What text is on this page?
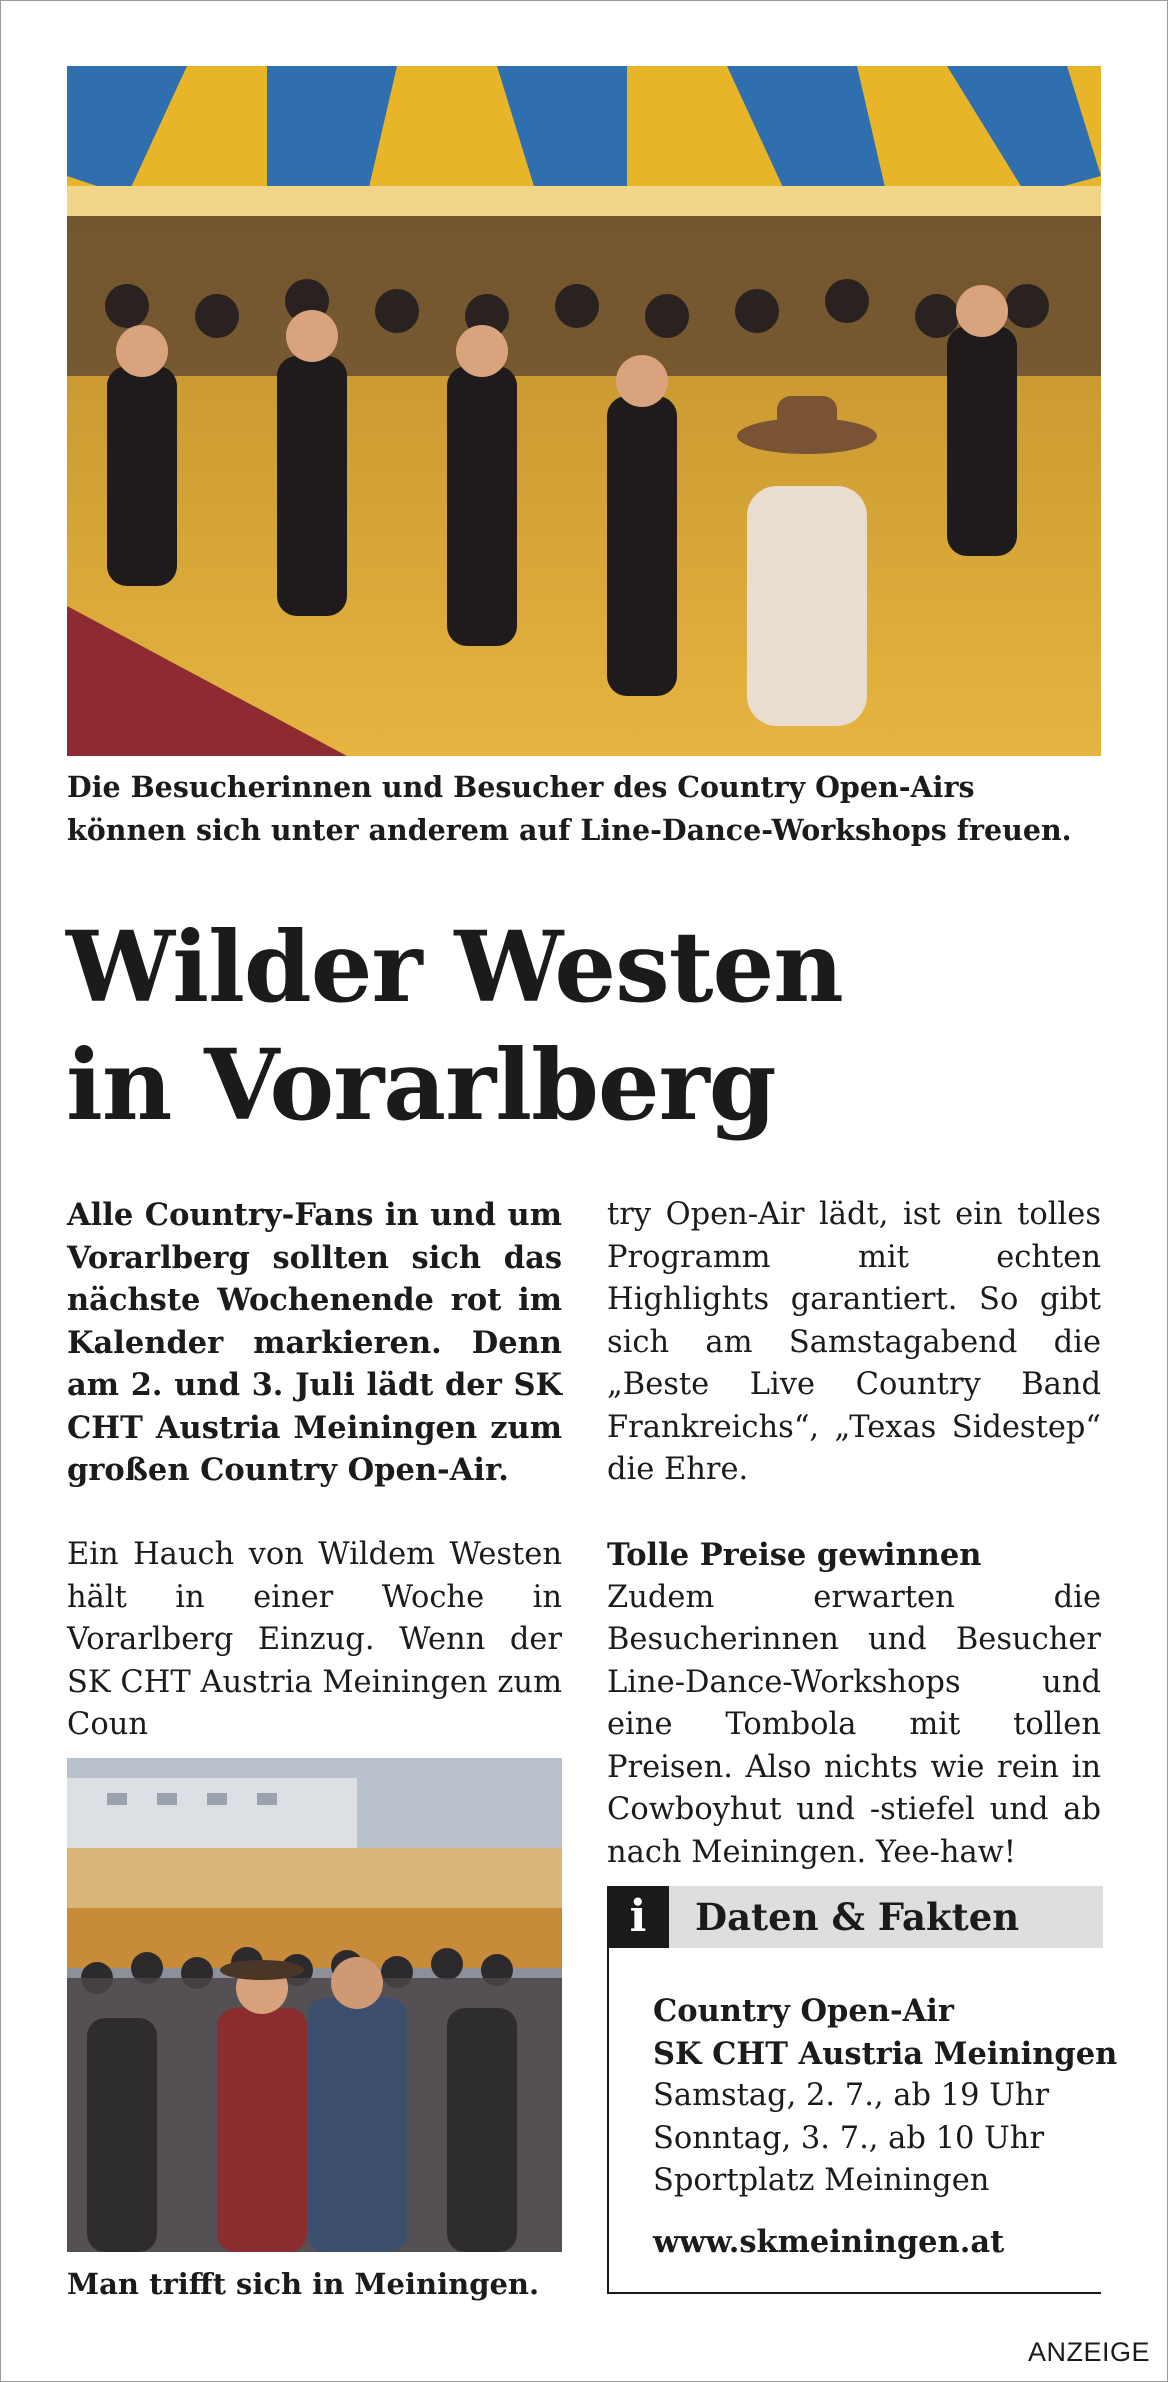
Die Besucherinnen und Besucher des Country Open-Airs können sich unter anderem auf Line-Dance-Workshops freuen.
Wilder Westen
in Vorarlberg

Alle Country-Fans in und um Vorarlberg sollten sich das nächste Wochenende rot im Kalender markieren. Denn am 2. und 3. Juli lädt der SK CHT Austria Meiningen zum großen Country Open-Air.

Ein Hauch von Wildem Westen hält in einer Woche in Vorarlberg Einzug. Wenn der SK CHT Austria Meiningen zum Coun

try Open-Air lädt, ist ein tolles Programm mit echten Highlights garantiert. So gibt sich am Samstagabend die „Beste Live Country Band Frankreichs“, „Texas Sidestep“ die Ehre.

Tolle Preise gewinnen

Zudem erwarten die Besucherinnen und Besucher Line-Dance-Workshops und eine Tombola mit tollen Preisen. Also nichts wie rein in Cowboyhut und -stiefel und ab nach Meiningen. Yee-haw!

Man trifft sich in Meiningen.
i	Daten & Fakten
Country Open-Air
SK CHT Austria Meiningen
Samstag, 2. 7., ab 19 Uhr
Sonntag, 3. 7., ab 10 Uhr
Sportplatz Meiningen
www.skmeiningen.at
ANZEIGE
